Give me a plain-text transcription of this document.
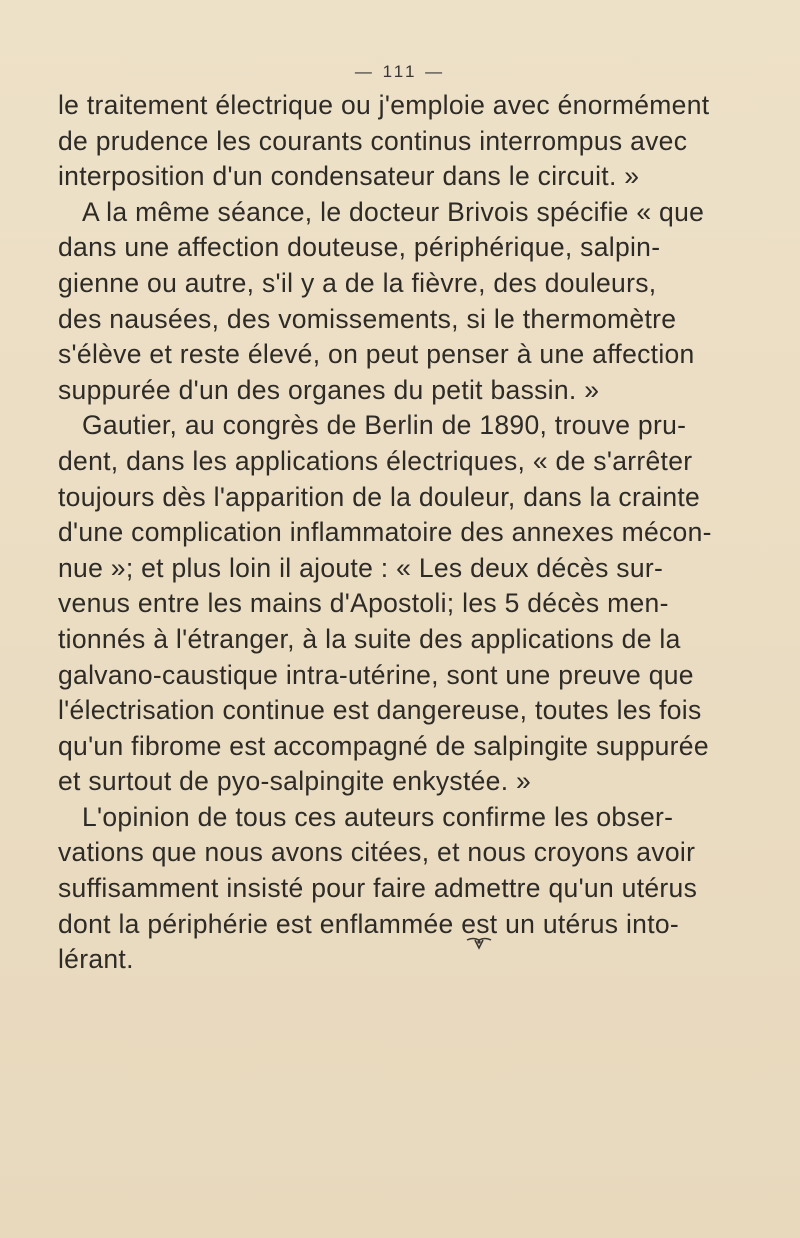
— 111 —
le traitement électrique ou j'emploie avec énormément
de prudence les courants continus interrompus avec
interposition d'un condensateur dans le circuit. »
A la même séance, le docteur Brivois spécifie « que
dans une affection douteuse, périphérique, salpin-
gienne ou autre, s'il y a de la fièvre, des douleurs,
des nausées, des vomissements, si le thermomètre
s'élève et reste élevé, on peut penser à une affection
suppurée d'un des organes du petit bassin. »
Gautier, au congrès de Berlin de 1890, trouve pru-
dent, dans les applications électriques, « de s'arrêter
toujours dès l'apparition de la douleur, dans la crainte
d'une complication inflammatoire des annexes mécon-
nue »; et plus loin il ajoute : « Les deux décès sur-
venus entre les mains d'Apostoli; les 5 décès men-
tionnés à l'étranger, à la suite des applications de la
galvano-caustique intra-utérine, sont une preuve que
l'électrisation continue est dangereuse, toutes les fois
qu'un fibrome est accompagné de salpingite suppurée
et surtout de pyo-salpingite enkystée. »
L'opinion de tous ces auteurs confirme les obser-
vations que nous avons citées, et nous croyons avoir
suffisamment insisté pour faire admettre qu'un utérus
dont la périphérie est enflammée est un utérus into-
lérant.
